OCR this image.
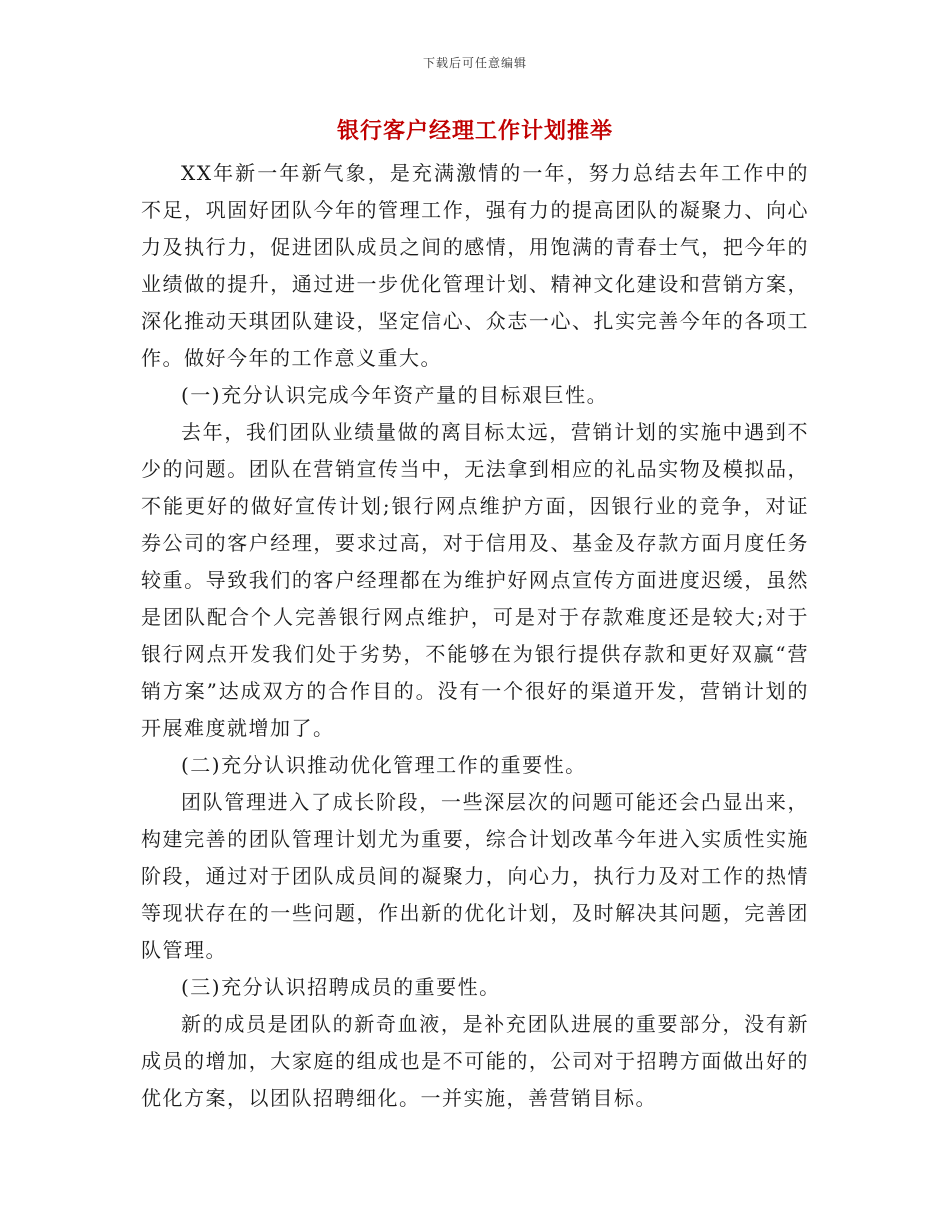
下载后可任意编辑
银行客户经理工作计划推举

XX年新一年新气象，是充满激情的一年，努力总结去年工作中的不足，巩固好团队今年的管理工作，强有力的提高团队的凝聚力、向心力及执行力，促进团队成员之间的感情，用饱满的青春士气，把今年的业绩做的提升，通过进一步优化管理计划、精神文化建设和营销方案，深化推动天琪团队建设，坚定信心、众志一心、扎实完善今年的各项工作。做好今年的工作意义重大。

(一)充分认识完成今年资产量的目标艰巨性。

去年，我们团队业绩量做的离目标太远，营销计划的实施中遇到不少的问题。团队在营销宣传当中，无法拿到相应的礼品实物及模拟品，不能更好的做好宣传计划;银行网点维护方面，因银行业的竞争，对证券公司的客户经理，要求过高，对于信用及、基金及存款方面月度任务较重。导致我们的客户经理都在为维护好网点宣传方面进度迟缓，虽然是团队配合个人完善银行网点维护，可是对于存款难度还是较大;对于银行网点开发我们处于劣势，不能够在为银行提供存款和更好双赢“营销方案”达成双方的合作目的。没有一个很好的渠道开发，营销计划的开展难度就增加了。

(二)充分认识推动优化管理工作的重要性。

团队管理进入了成长阶段，一些深层次的问题可能还会凸显出来，构建完善的团队管理计划尤为重要，综合计划改革今年进入实质性实施阶段，通过对于团队成员间的凝聚力，向心力，执行力及对工作的热情等现状存在的一些问题，作出新的优化计划，及时解决其问题，完善团队管理。

(三)充分认识招聘成员的重要性。

新的成员是团队的新奇血液，是补充团队进展的重要部分，没有新成员的增加，大家庭的组成也是不可能的，公司对于招聘方面做出好的优化方案，以团队招聘细化。一并实施，善营销目标。
